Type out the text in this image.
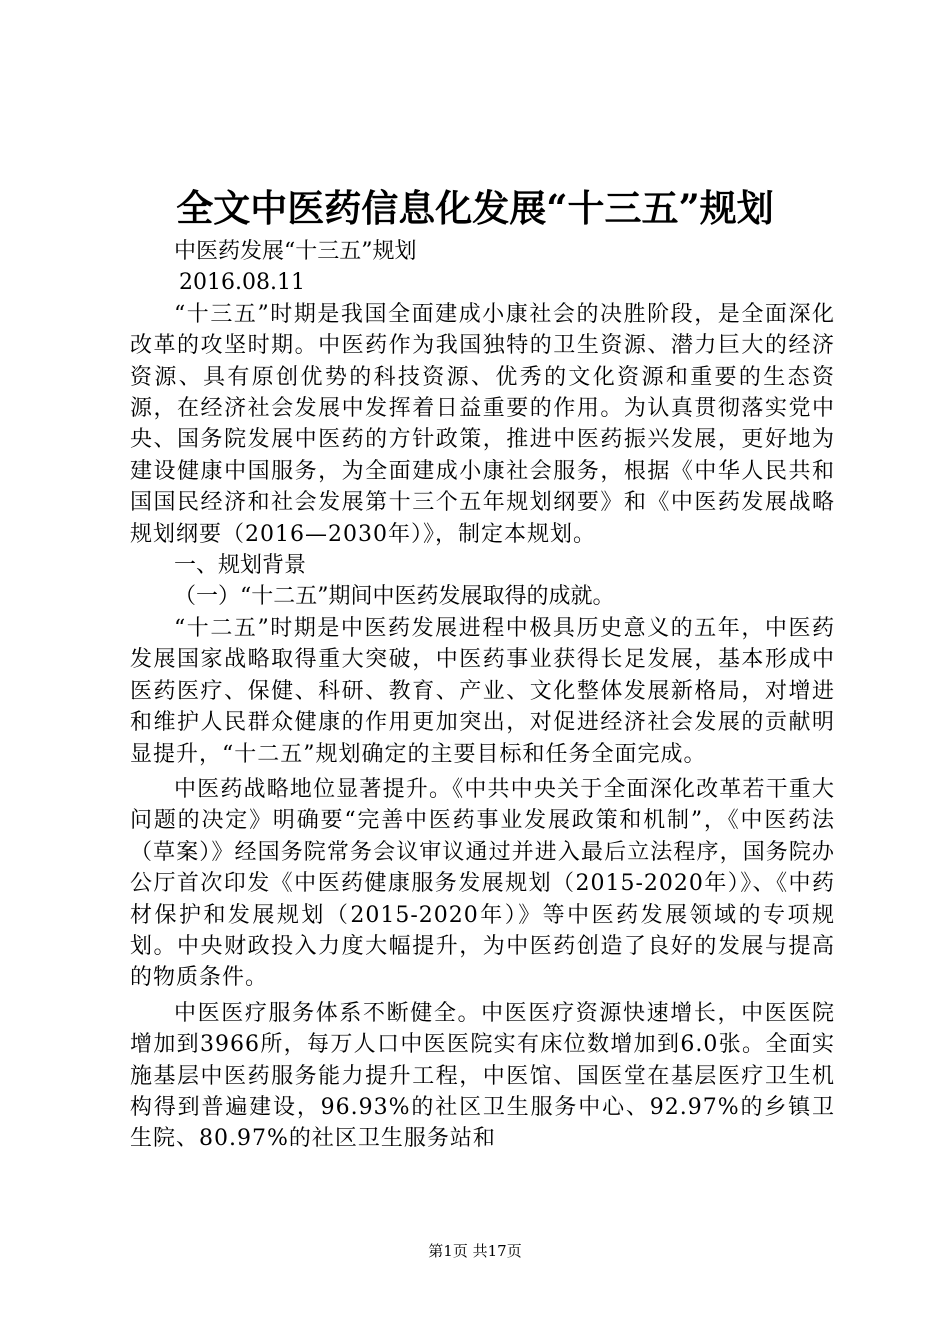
全文中医药信息化发展“十三五”规划

中医药发展“十三五”规划

2016.08.11

“十三五”时期是我国全面建成小康社会的决胜阶段，是全面深化改革的攻坚时期。中医药作为我国独特的卫生资源、潜力巨大的经济资源、具有原创优势的科技资源、优秀的文化资源和重要的生态资源，在经济社会发展中发挥着日益重要的作用。为认真贯彻落实党中央、国务院发展中医药的方针政策，推进中医药振兴发展，更好地为建设健康中国服务，为全面建成小康社会服务，根据《中华人民共和国国民经济和社会发展第十三个五年规划纲要》和《中医药发展战略规划纲要（2016—2030年）》，制定本规划。

一、规划背景

（一）“十二五”期间中医药发展取得的成就。

“十二五”时期是中医药发展进程中极具历史意义的五年，中医药发展国家战略取得重大突破，中医药事业获得长足发展，基本形成中医药医疗、保健、科研、教育、产业、文化整体发展新格局，对增进和维护人民群众健康的作用更加突出，对促进经济社会发展的贡献明显提升，“十二五”规划确定的主要目标和任务全面完成。

中医药战略地位显著提升。《中共中央关于全面深化改革若干重大问题的决定》明确要“完善中医药事业发展政策和机制”，《中医药法（草案）》经国务院常务会议审议通过并进入最后立法程序，国务院办公厅首次印发《中医药健康服务发展规划（2015-2020年）》、《中药材保护和发展规划（2015-2020年）》等中医药发展领域的专项规划。中央财政投入力度大幅提升，为中医药创造了良好的发展与提高的物质条件。

中医医疗服务体系不断健全。中医医疗资源快速增长，中医医院增加到3966所，每万人口中医医院实有床位数增加到6.0张。全面实施基层中医药服务能力提升工程，中医馆、国医堂在基层医疗卫生机构得到普遍建设，96.93%的社区卫生服务中心、92.97%的乡镇卫生院、80.97%的社区卫生服务站和

第1页 共17页
